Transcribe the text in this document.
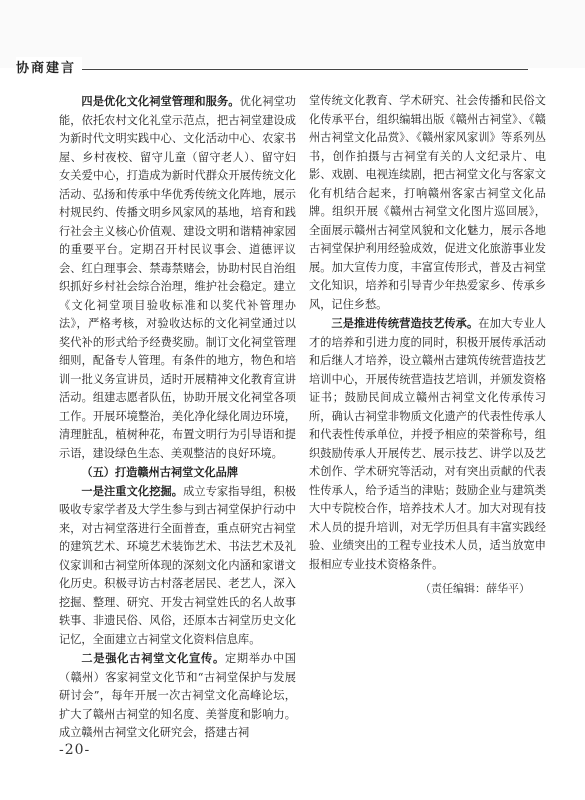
协商建言

四是优化文化祠堂管理和服务。优化祠堂功能，依托农村文化礼堂示范点，把古祠堂建设成为新时代文明实践中心、文化活动中心、农家书屋、乡村夜校、留守儿童（留守老人）、留守妇女关爱中心，打造成为新时代群众开展传统文化活动、弘扬和传承中华优秀传统文化阵地，展示村规民约、传播文明乡风家风的基地，培育和践行社会主义核心价值观、建设文明和谐精神家园的重要平台。定期召开村民议事会、道德评议会、红白理事会、禁毒禁赌会，协助村民自治组织抓好乡村社会综合治理，维护社会稳定。建立《文化祠堂项目验收标准和以奖代补管理办法》，严格考核，对验收达标的文化祠堂通过以奖代补的形式给予经费奖励。制订文化祠堂管理细则，配备专人管理。有条件的地方，物色和培训一批义务宣讲员，适时开展精神文化教育宣讲活动。组建志愿者队伍，协助开展文化祠堂各项工作。开展环境整治，美化净化绿化周边环境，清理脏乱，植树种花，布置文明行为引导语和提示语，建设绿色生态、美观整洁的良好环境。

（五）打造赣州古祠堂文化品牌

一是注重文化挖掘。成立专家指导组，积极吸收专家学者及大学生参与到古祠堂保护行动中来，对古祠堂落进行全面普查，重点研究古祠堂的建筑艺术、环境艺术装饰艺术、书法艺术及礼仪家训和古祠堂所体现的深刻文化内涵和家谱文化历史。积极寻访古村落老居民、老艺人，深入挖掘、整理、研究、开发古祠堂姓氏的名人故事轶事、非遗民俗、风俗，还原本古祠堂历史文化记忆，全面建立古祠堂文化资料信息库。

二是强化古祠堂文化宣传。定期举办中国（赣州）客家祠堂文化节和“古祠堂保护与发展研讨会”，每年开展一次古祠堂文化高峰论坛，扩大了赣州古祠堂的知名度、美誉度和影响力。成立赣州古祠堂文化研究会，搭建古祠

堂传统文化教育、学术研究、社会传播和民俗文化传承平台，组织编辑出版《赣州古祠堂》、《赣州古祠堂文化品赏》、《赣州家风家训》等系列丛书，创作拍摄与古祠堂有关的人文纪录片、电影、戏剧、电视连续剧，把古祠堂文化与客家文化有机结合起来，打响赣州客家古祠堂文化品牌。组织开展《赣州古祠堂文化图片巡回展》，全面展示赣州古祠堂风貌和文化魅力，展示各地古祠堂保护利用经验成效，促进文化旅游事业发展。加大宣传力度，丰富宣传形式，普及古祠堂文化知识，培养和引导青少年热爱家乡、传承乡风，记住乡愁。

三是推进传统营造技艺传承。在加大专业人才的培养和引进力度的同时，积极开展传承活动和后继人才培养，设立赣州古建筑传统营造技艺培训中心，开展传统营造技艺培训，并颁发资格证书；鼓励民间成立赣州古祠堂文化传承传习所，确认古祠堂非物质文化遗产的代表性传承人和代表性传承单位，并授予相应的荣誉称号，组织鼓励传承人开展传艺、展示技艺、讲学以及艺术创作、学术研究等活动，对有突出贡献的代表性传承人，给予适当的津贴；鼓励企业与建筑类大中专院校合作，培养技术人才。加大对现有技术人员的提升培训，对无学历但具有丰富实践经验、业绩突出的工程专业技术人员，适当放宽申报相应专业技术资格条件。

（责任编辑：薛华平）
-20-
